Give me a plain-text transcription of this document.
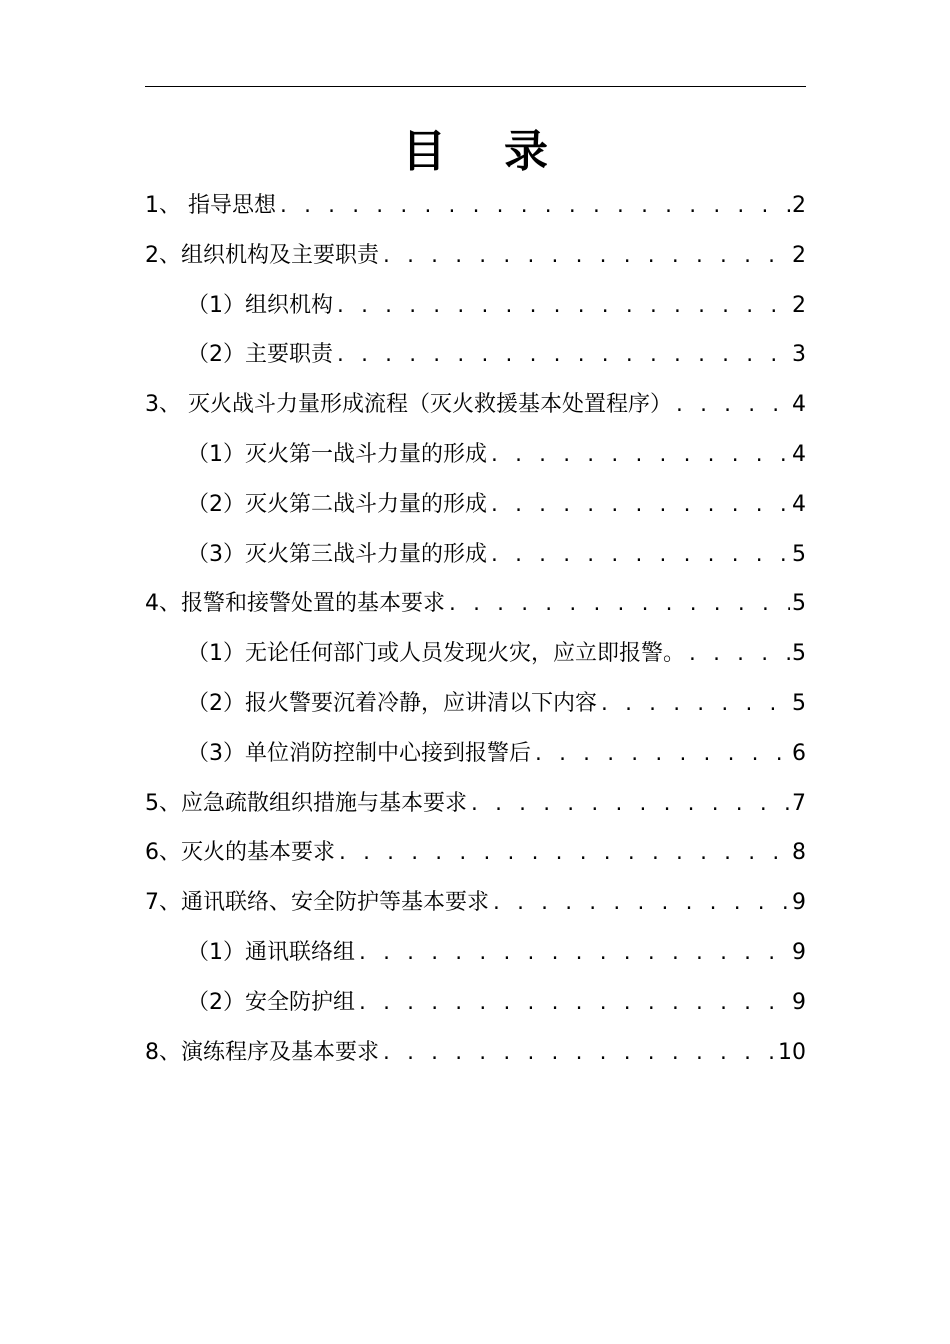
目 录
1、 指导思想 . . .	2
2、组织机构及主要职责 . . .	2
（1）组织机构 . . .	2
（2）主要职责 . . .	3
3、 灭火战斗力量形成流程（灭火救援基本处置程序） . . .	4
（1）灭火第一战斗力量的形成 . . .	4
（2）灭火第二战斗力量的形成 . . .	4
（3）灭火第三战斗力量的形成 . . .	5
4、报警和接警处置的基本要求 . . .	5
（1）无论任何部门或人员发现火灾，应立即报警。 . . .	5
（2）报火警要沉着冷静，应讲清以下内容 . . .	5
（3）单位消防控制中心接到报警后 . . .	6
5、应急疏散组织措施与基本要求 . . .	7
6、灭火的基本要求 . . .	8
7、通讯联络、安全防护等基本要求 . . .	9
（1）通讯联络组 . . .	9
（2）安全防护组 . . .	9
8、演练程序及基本要求 . . .	10
